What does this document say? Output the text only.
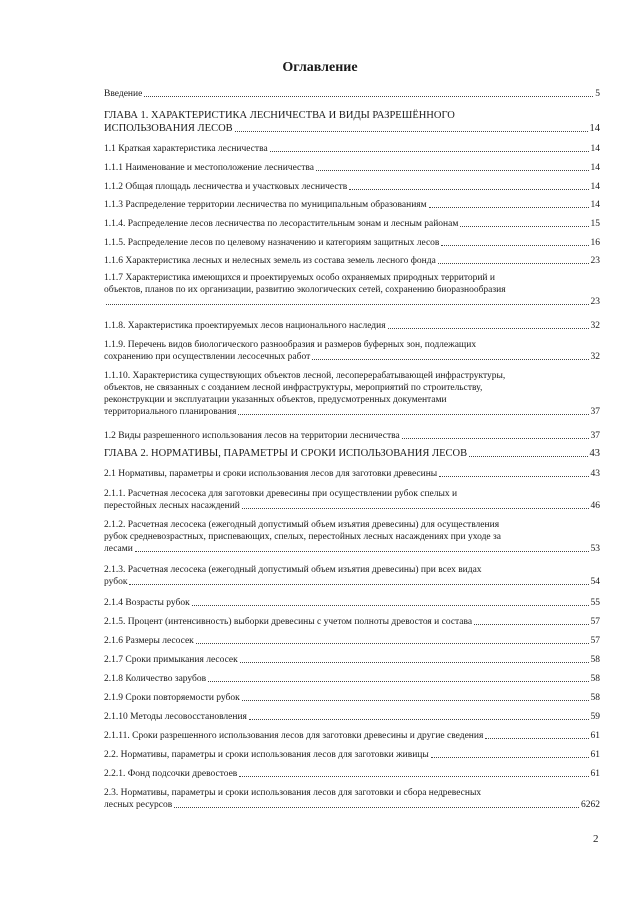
Оглавление
Введение	5
ГЛАВА 1. ХАРАКТЕРИСТИКА ЛЕСНИЧЕСТВА И ВИДЫ РАЗРЕШЁННОГО
ИСПОЛЬЗОВАНИЯ ЛЕСОВ	14
1.1 Краткая характеристика лесничества	14
1.1.1 Наименование и местоположение лесничества	14
1.1.2 Общая площадь лесничества и участковых лесничеств	14
1.1.3 Распределение территории лесничества по муниципальным образованиям	14
1.1.4. Распределение лесов лесничества по лесорастительным зонам и лесным районам	15
1.1.5. Распределение лесов по целевому назначению и категориям защитных лесов	16
1.1.6 Характеристика лесных и нелесных земель из состава земель лесного фонда	23
1.1.7 Характеристика имеющихся и проектируемых особо охраняемых природных территорий и
объектов, планов по их организации, развитию экологических сетей, сохранению биоразнообразия
23
1.1.8. Характеристика проектируемых лесов национального наследия	32
1.1.9. Перечень видов биологического разнообразия и размеров буферных зон, подлежащих
сохранению при осуществлении лесосечных работ	32
1.1.10. Характеристика существующих объектов лесной, лесоперерабатывающей инфраструктуры,
объектов, не связанных с созданием лесной инфраструктуры, мероприятий по строительству,
реконструкции и эксплуатации указанных объектов, предусмотренных документами
территориального планирования	37
1.2 Виды разрешенного использования лесов на территории лесничества	37
ГЛАВА 2. НОРМАТИВЫ, ПАРАМЕТРЫ И СРОКИ ИСПОЛЬЗОВАНИЯ ЛЕСОВ	43
2.1 Нормативы, параметры и сроки использования лесов для заготовки древесины	43
2.1.1. Расчетная лесосека для заготовки древесины при осуществлении рубок спелых и
перестойных лесных насаждений	46
2.1.2. Расчетная лесосека (ежегодный допустимый объем изъятия древесины) для осуществления
рубок средневозрастных, приспевающих, спелых, перестойных лесных насаждениях при уходе за
лесами	53
2.1.3. Расчетная лесосека (ежегодный допустимый объем изъятия древесины) при всех видах
рубок	54
2.1.4 Возрасты рубок	55
2.1.5. Процент (интенсивность) выборки древесины с учетом полноты древостоя и состава	57
2.1.6 Размеры лесосек	57
2.1.7 Сроки примыкания лесосек	58
2.1.8 Количество зарубов	58
2.1.9 Сроки повторяемости рубок	58
2.1.10 Методы лесовосстановления	59
2.1.11. Сроки разрешенного использования лесов для заготовки древесины и другие сведения	61
2.2. Нормативы, параметры и сроки использования лесов для заготовки живицы	61
2.2.1. Фонд подсочки древостоев	61
2.3. Нормативы, параметры и сроки использования лесов для заготовки и сбора недревесных
лесных ресурсов	6262
2
